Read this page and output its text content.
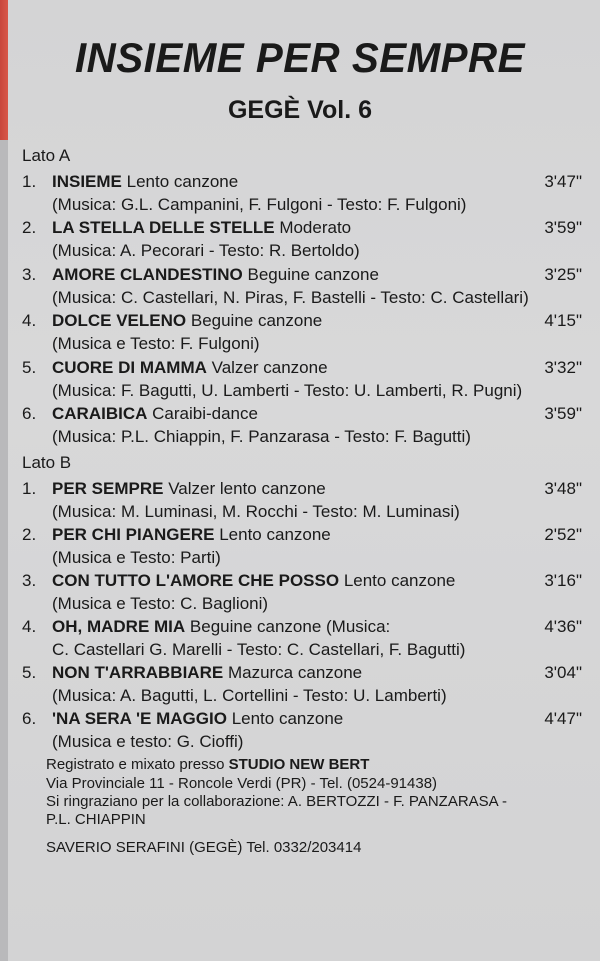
INSIEME PER SEMPRE
GEGÈ Vol. 6
Lato A
1. INSIEME Lento canzone	3'47"
(Musica: G.L. Campanini, F. Fulgoni - Testo: F. Fulgoni)
2. LA STELLA DELLE STELLE Moderato	3'59"
(Musica: A. Pecorari - Testo: R. Bertoldo)
3. AMORE CLANDESTINO Beguine canzone	3'25"
(Musica: C. Castellari, N. Piras, F. Bastelli - Testo: C. Castellari)
4. DOLCE VELENO Beguine canzone	4'15"
(Musica e Testo: F. Fulgoni)
5. CUORE DI MAMMA Valzer canzone	3'32"
(Musica: F. Bagutti, U. Lamberti - Testo: U. Lamberti, R. Pugni)
6. CARAIBICA Caraibi-dance	3'59"
(Musica: P.L. Chiappin, F. Panzarasa - Testo: F. Bagutti)
Lato B
1. PER SEMPRE Valzer lento canzone	3'48"
(Musica: M. Luminasi, M. Rocchi - Testo: M. Luminasi)
2. PER CHI PIANGERE Lento canzone	2'52"
(Musica e Testo: Parti)
3. CON TUTTO L'AMORE CHE POSSO Lento canzone	3'16"
(Musica e Testo: C. Baglioni)
4. OH, MADRE MIA Beguine canzone (Musica:	4'36"
C. Castellari G. Marelli - Testo: C. Castellari, F. Bagutti)
5. NON T'ARRABBIARE Mazurca canzone	3'04"
(Musica: A. Bagutti, L. Cortellini - Testo: U. Lamberti)
6. 'NA SERA 'E MAGGIO Lento canzone	4'47"
(Musica e testo: G. Cioffi)
Registrato e mixato presso STUDIO NEW BERT
Via Provinciale 11 - Roncole Verdi (PR) - Tel. (0524-91438)
Si ringraziano per la collaborazione: A. BERTOZZI - F. PANZARASA -
P.L. CHIAPPIN
SAVERIO SERAFINI (GEGÈ) Tel. 0332/203414
